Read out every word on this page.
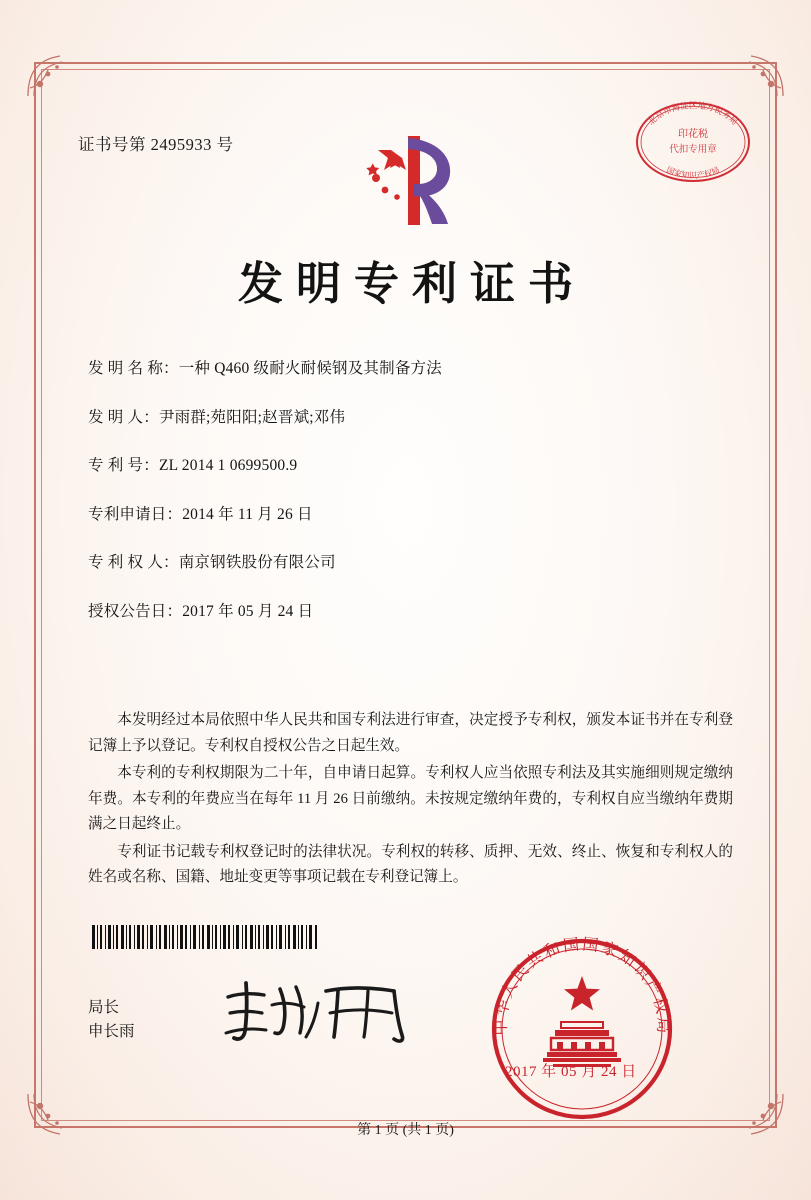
证书号第 2495933 号
印花税
代扣专用章
北京市海淀区地方税务局
国家知识产权局
发明专利证书
发 明 名 称： 一种 Q460 级耐火耐候钢及其制备方法
发 明 人： 尹雨群;苑阳阳;赵晋斌;邓伟
专 利 号： ZL 2014 1 0699500.9
专利申请日： 2014 年 11 月 26 日
专 利 权 人： 南京钢铁股份有限公司
授权公告日： 2017 年 05 月 24 日

本发明经过本局依照中华人民共和国专利法进行审查，决定授予专利权，颁发本证书并在专利登记簿上予以登记。专利权自授权公告之日起生效。

本专利的专利权期限为二十年，自申请日起算。专利权人应当依照专利法及其实施细则规定缴纳年费。本专利的年费应当在每年 11 月 26 日前缴纳。未按规定缴纳年费的，专利权自应当缴纳年费期满之日起终止。

专利证书记载专利权登记时的法律状况。专利权的转移、质押、无效、终止、恢复和专利权人的姓名或名称、国籍、地址变更等事项记载在专利登记簿上。

局长
申长雨	中华人民共和国国家知识产权局
2017 年 05 月 24 日
第 1 页 (共 1 页)
